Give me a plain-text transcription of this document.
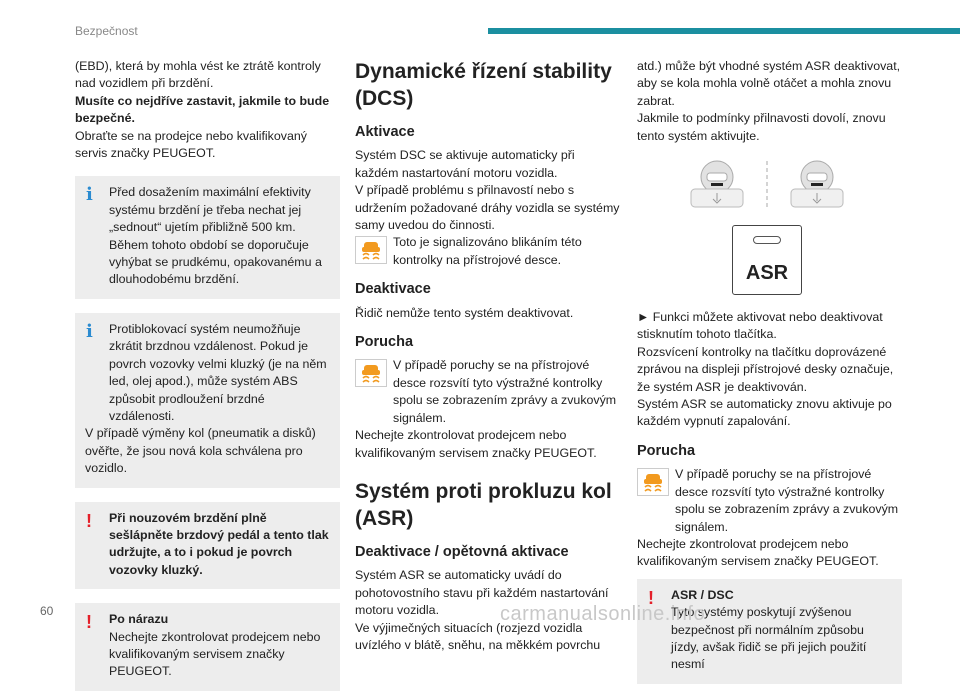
Bezpečnost

(EBD), která by mohla vést ke ztrátě kontroly nad vozidlem při brzdění.

Musíte co nejdříve zastavit, jakmile to bude bezpečné.

Obraťte se na prodejce nebo kvalifikovaný servis značky PEUGEOT.

i	Před dosažením maximální efektivity systému brzdění je třeba nechat jej „sednout“ ujetím přibližně 500 km. Během tohoto období se doporučuje vyhýbat se prudkému, opakovanému a dlouhodobému brzdění.

i	Protiblokovací systém neumožňuje zkrátit brzdnou vzdálenost. Pokud je povrch vozovky velmi kluzký (je na něm led, olej apod.), může systém ABS způsobit prodloužení brzdné vzdálenosti.

V případě výměny kol (pneumatik a disků) ověřte, že jsou nová kola schválena pro vozidlo.

!	Při nouzovém brzdění plně sešlápněte brzdový pedál a tento tlak udržujte, a to i pokud je povrch vozovky kluzký.

!	Po nárazu

Nechejte zkontrolovat prodejcem nebo kvalifikovaným servisem značky PEUGEOT.

Dynamické řízení stability (DCS)
Aktivace

Systém DSC se aktivuje automaticky při každém nastartování motoru vozidla.

V případě problému s přilnavostí nebo s udržením požadované dráhy vozidla se systémy samy uvedou do činnosti.

Toto je signalizováno blikáním této kontrolky na přístrojové desce.

Deaktivace

Řidič nemůže tento systém deaktivovat.

Porucha

V případě poruchy se na přístrojové desce rozsvítí tyto výstražné kontrolky spolu se zobrazením zprávy a zvukovým signálem.

Nechejte zkontrolovat prodejcem nebo kvalifikovaným servisem značky PEUGEOT.

Systém proti prokluzu kol (ASR)
Deaktivace / opětovná aktivace

Systém ASR se automaticky uvádí do pohotovostního stavu při každém nastartování motoru vozidla.

Ve výjimečných situacích (rozjezd vozidla uvízlého v blátě, sněhu, na měkkém povrchu

atd.) může být vhodné systém ASR deaktivovat, aby se kola mohla volně otáčet a mohla znovu zabrat.

Jakmile to podmínky přilnavosti dovolí, znovu tento systém aktivujte.

ASR

► Funkci můžete aktivovat nebo deaktivovat stisknutím tohoto tlačítka.

Rozsvícení kontrolky na tlačítku doprovázené zprávou na displeji přístrojové desky označuje, že systém ASR je deaktivován.

Systém ASR se automaticky znovu aktivuje po každém vypnutí zapalování.

Porucha

V případě poruchy se na přístrojové desce rozsvítí tyto výstražné kontrolky spolu se zobrazením zprávy a zvukovým signálem.

Nechejte zkontrolovat prodejcem nebo kvalifikovaným servisem značky PEUGEOT.

!	ASR / DSC

Tyto systémy poskytují zvýšenou bezpečnost při normálním způsobu jízdy, avšak řidič se při jejich použití nesmí

60	carmanualsonline.info
